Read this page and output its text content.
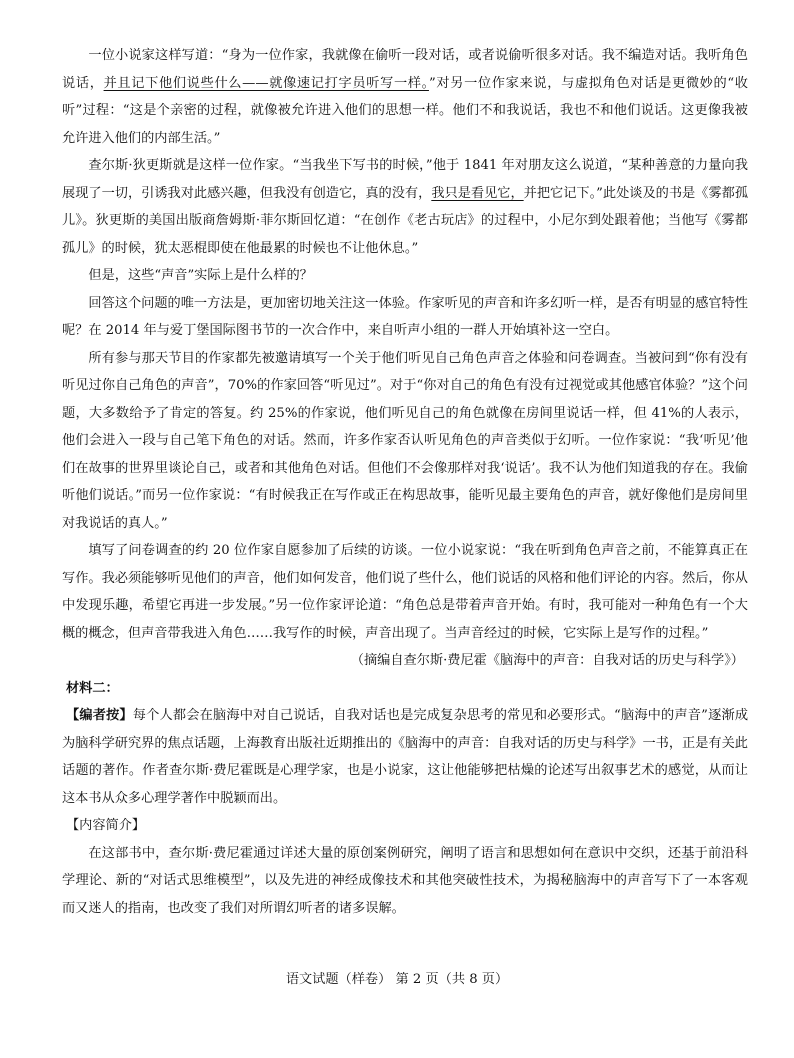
一位小说家这样写道：“身为一位作家，我就像在偷听一段对话，或者说偷听很多对话。我不编造对话。我听角色说话，并且记下他们说些什么——就像速记打字员听写一样。”对另一位作家来说，与虚拟角色对话是更微妙的“收听”过程：“这是个亲密的过程，就像被允许进入他们的思想一样。他们不和我说话，我也不和他们说话。这更像我被允许进入他们的内部生活。”

查尔斯·狄更斯就是这样一位作家。“当我坐下写书的时候，”他于 1841 年对朋友这么说道，“某种善意的力量向我展现了一切，引诱我对此感兴趣，但我没有创造它，真的没有，我只是看见它，并把它记下。”此处谈及的书是《雾都孤儿》。狄更斯的美国出版商詹姆斯·菲尔斯回忆道：“在创作《老古玩店》的过程中，小尼尔到处跟着他；当他写《雾都孤儿》的时候，犹太恶棍即使在他最累的时候也不让他休息。”

但是，这些“声音”实际上是什么样的？

回答这个问题的唯一方法是，更加密切地关注这一体验。作家听见的声音和许多幻听一样，是否有明显的感官特性呢？在 2014 年与爱丁堡国际图书节的一次合作中，来自听声小组的一群人开始填补这一空白。

所有参与那天节目的作家都先被邀请填写一个关于他们听见自己角色声音之体验和问卷调查。当被问到“你有没有听见过你自己角色的声音”，70%的作家回答“听见过”。对于“你对自己的角色有没有过视觉或其他感官体验？”这个问题，大多数给予了肯定的答复。约 25%的作家说，他们听见自己的角色就像在房间里说话一样，但 41%的人表示，他们会进入一段与自己笔下角色的对话。然而，许多作家否认听见角色的声音类似于幻听。一位作家说：“我‘听见’他们在故事的世界里谈论自己，或者和其他角色对话。但他们不会像那样对我‘说话’。我不认为他们知道我的存在。我偷听他们说话。”而另一位作家说：“有时候我正在写作或正在构思故事，能听见最主要角色的声音，就好像他们是房间里对我说话的真人。”

填写了问卷调查的约 20 位作家自愿参加了后续的访谈。一位小说家说：“我在听到角色声音之前，不能算真正在写作。我必须能够听见他们的声音，他们如何发音，他们说了些什么，他们说话的风格和他们评论的内容。然后，你从中发现乐趣，希望它再进一步发展。”另一位作家评论道：“角色总是带着声音开始。有时，我可能对一种角色有一个大概的概念，但声音带我进入角色……我写作的时候，声音出现了。当声音经过的时候，它实际上是写作的过程。”

（摘编自查尔斯·费尼霍《脑海中的声音：自我对话的历史与科学》）

材料二：

【编者按】每个人都会在脑海中对自己说话，自我对话也是完成复杂思考的常见和必要形式。“脑海中的声音”逐渐成为脑科学研究界的焦点话题，上海教育出版社近期推出的《脑海中的声音：自我对话的历史与科学》一书，正是有关此话题的著作。作者查尔斯·费尼霍既是心理学家，也是小说家，这让他能够把枯燥的论述写出叙事艺术的感觉，从而让这本书从众多心理学著作中脱颖而出。

【内容简介】

在这部书中，查尔斯·费尼霍通过详述大量的原创案例研究，阐明了语言和思想如何在意识中交织，还基于前沿科学理论、新的“对话式思维模型”，以及先进的神经成像技术和其他突破性技术，为揭秘脑海中的声音写下了一本客观而又迷人的指南，也改变了我们对所谓幻听者的诸多误解。

语文试题（样卷） 第 2 页（共 8 页）
